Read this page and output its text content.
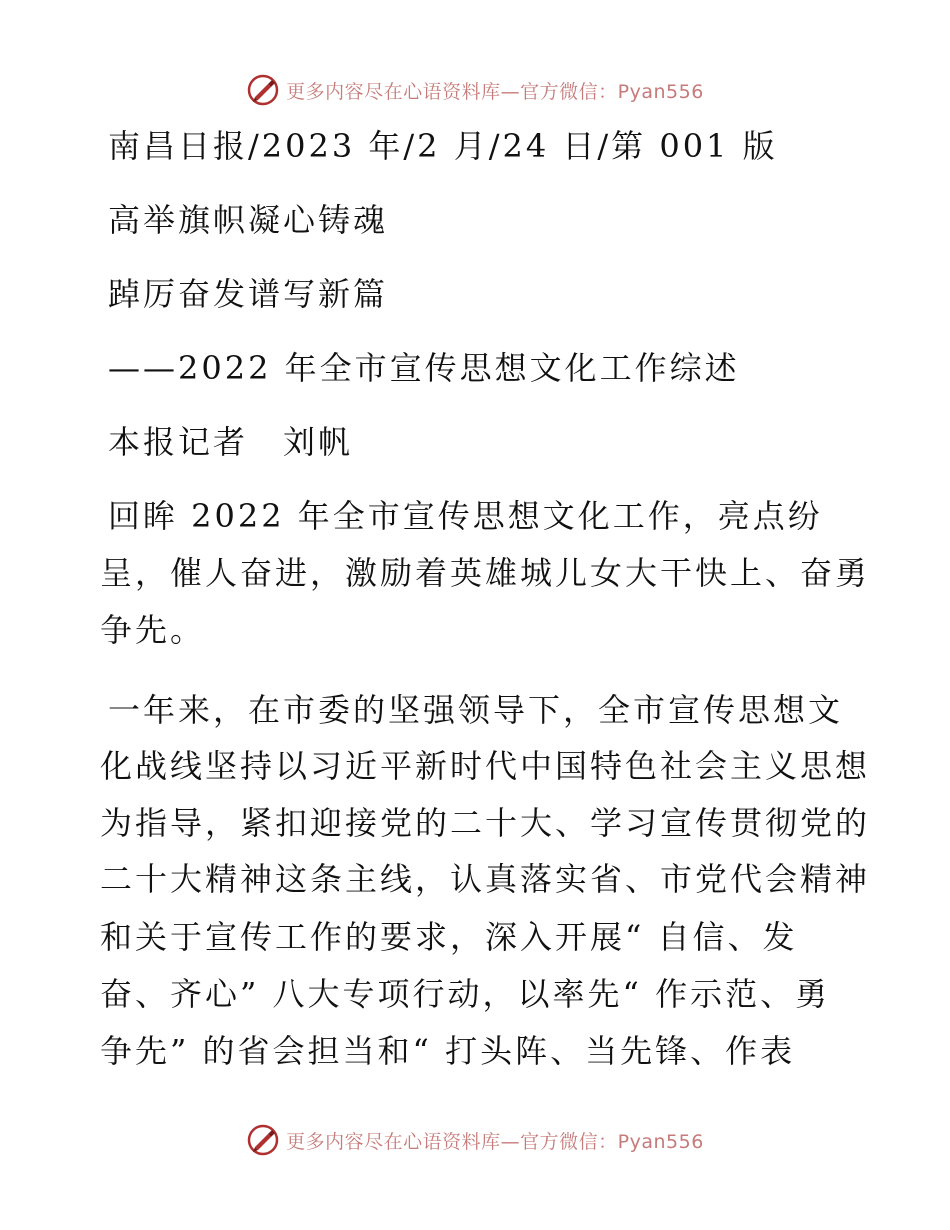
更多内容尽在心语资料库—官方微信：Pyan556
南昌日报/2023 年/2 月/24 日/第 001 版
高举旗帜凝心铸魂
踔厉奋发谱写新篇
——2022 年全市宣传思想文化工作综述
本报记者　刘帆
回眸 2022 年全市宣传思想文化工作，亮点纷
呈，催人奋进，激励着英雄城儿女大干快上、奋勇
争先。
一年来，在市委的坚强领导下，全市宣传思想文
化战线坚持以习近平新时代中国特色社会主义思想
为指导，紧扣迎接党的二十大、学习宣传贯彻党的
二十大精神这条主线，认真落实省、市党代会精神
和关于宣传工作的要求，深入开展“ 自信、发
奋、齐心” 八大专项行动，以率先“ 作示范、勇
争先” 的省会担当和“ 打头阵、当先锋、作表
更多内容尽在心语资料库—官方微信：Pyan556
